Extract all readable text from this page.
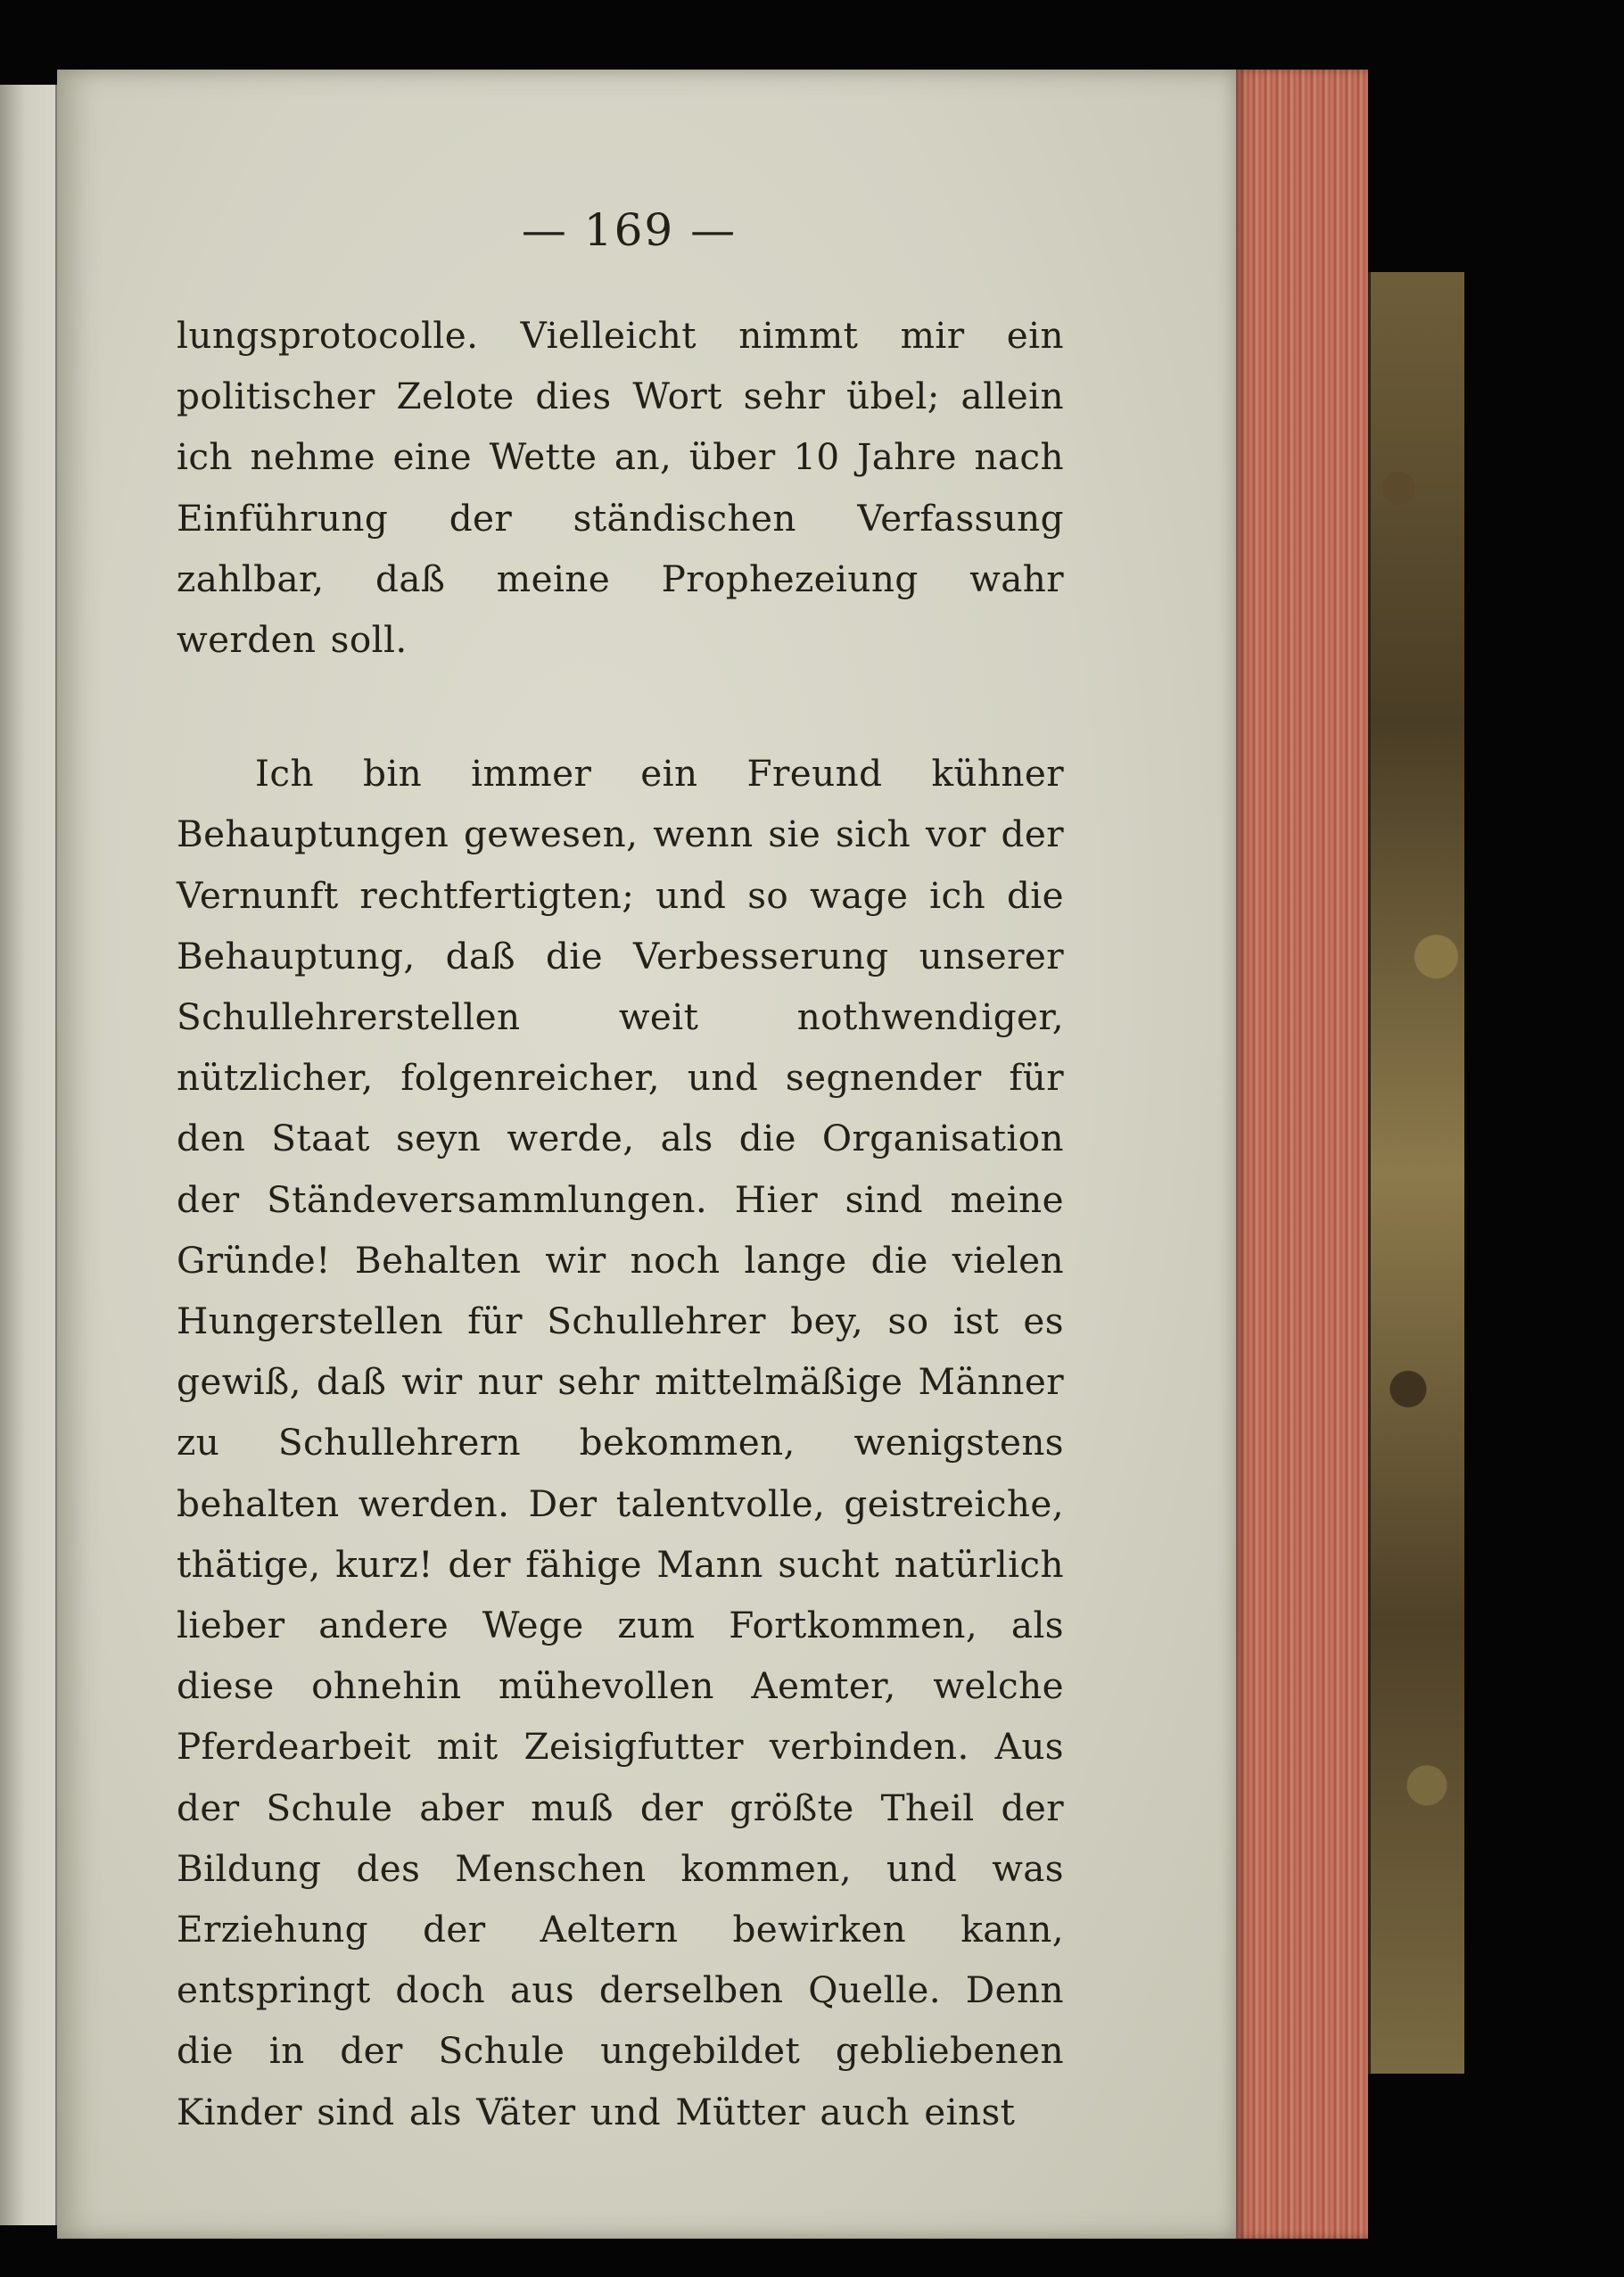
— 169 —

lungsprotocolle. Vielleicht nimmt mir ein politischer Zelote dies Wort sehr übel; allein ich nehme eine Wette an, über 10 Jahre nach Einführung der ständischen Verfassung zahlbar, daß meine Prophezeiung wahr werden soll.

Ich bin immer ein Freund kühner Behauptungen gewesen, wenn sie sich vor der Vernunft rechtfertigten; und so wage ich die Behauptung, daß die Verbesserung unserer Schullehrerstellen weit nothwendiger, nützlicher, folgenreicher, und segnender für den Staat seyn werde, als die Organisation der Ständeversammlungen. Hier sind meine Gründe! Behalten wir noch lange die vielen Hungerstellen für Schullehrer bey, so ist es gewiß, daß wir nur sehr mittelmäßige Männer zu Schullehrern bekommen, wenigstens behalten werden. Der talentvolle, geistreiche, thätige, kurz! der fähige Mann sucht natürlich lieber andere Wege zum Fortkommen, als diese ohnehin mühevollen Aemter, welche Pferdearbeit mit Zeisigfutter verbinden. Aus der Schule aber muß der größte Theil der Bildung des Menschen kommen, und was Erziehung der Aeltern bewirken kann, entspringt doch aus derselben Quelle. Denn die in der Schule ungebildet gebliebenen Kinder sind als Väter und Mütter auch einst
